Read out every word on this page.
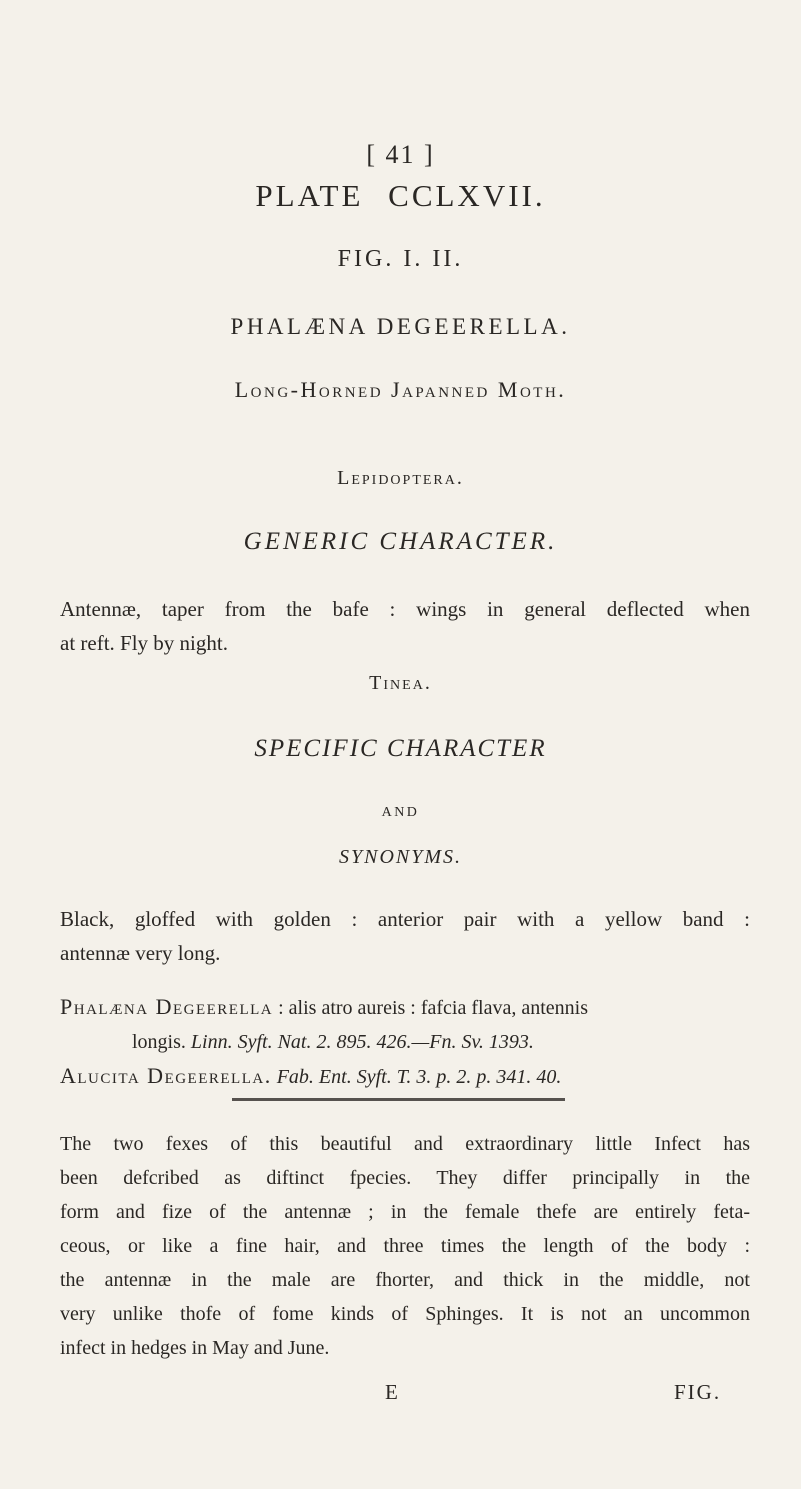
[ 41 ]
PLATE CCLXVII.
FIG. I. II.
PHALÆNA DEGEERELLA.
Long-Horned Japanned Moth.
Lepidoptera.
GENERIC CHARACTER.
Antennæ, taper from the bafe : wings in general deflected when
at reft. Fly by night.
Tinea.
SPECIFIC CHARACTER
AND
SYNONYMS.
Black, gloffed with golden : anterior pair with a yellow band :
antennæ very long.
Phalæna Degeerella : alis atro aureis : fafcia flava, antennis
longis. Linn. Syft. Nat. 2. 895. 426.—Fn. Sv. 1393.
Alucita Degeerella. Fab. Ent. Syft. T. 3. p. 2. p. 341. 40.
The two fexes of this beautiful and extraordinary little Infect has
been defcribed as diftinct fpecies. They differ principally in the
form and fize of the antennæ ; in the female thefe are entirely feta-
ceous, or like a fine hair, and three times the length of the body :
the antennæ in the male are fhorter, and thick in the middle, not
very unlike thofe of fome kinds of Sphinges. It is not an uncommon
infect in hedges in May and June.
E	FIG.
